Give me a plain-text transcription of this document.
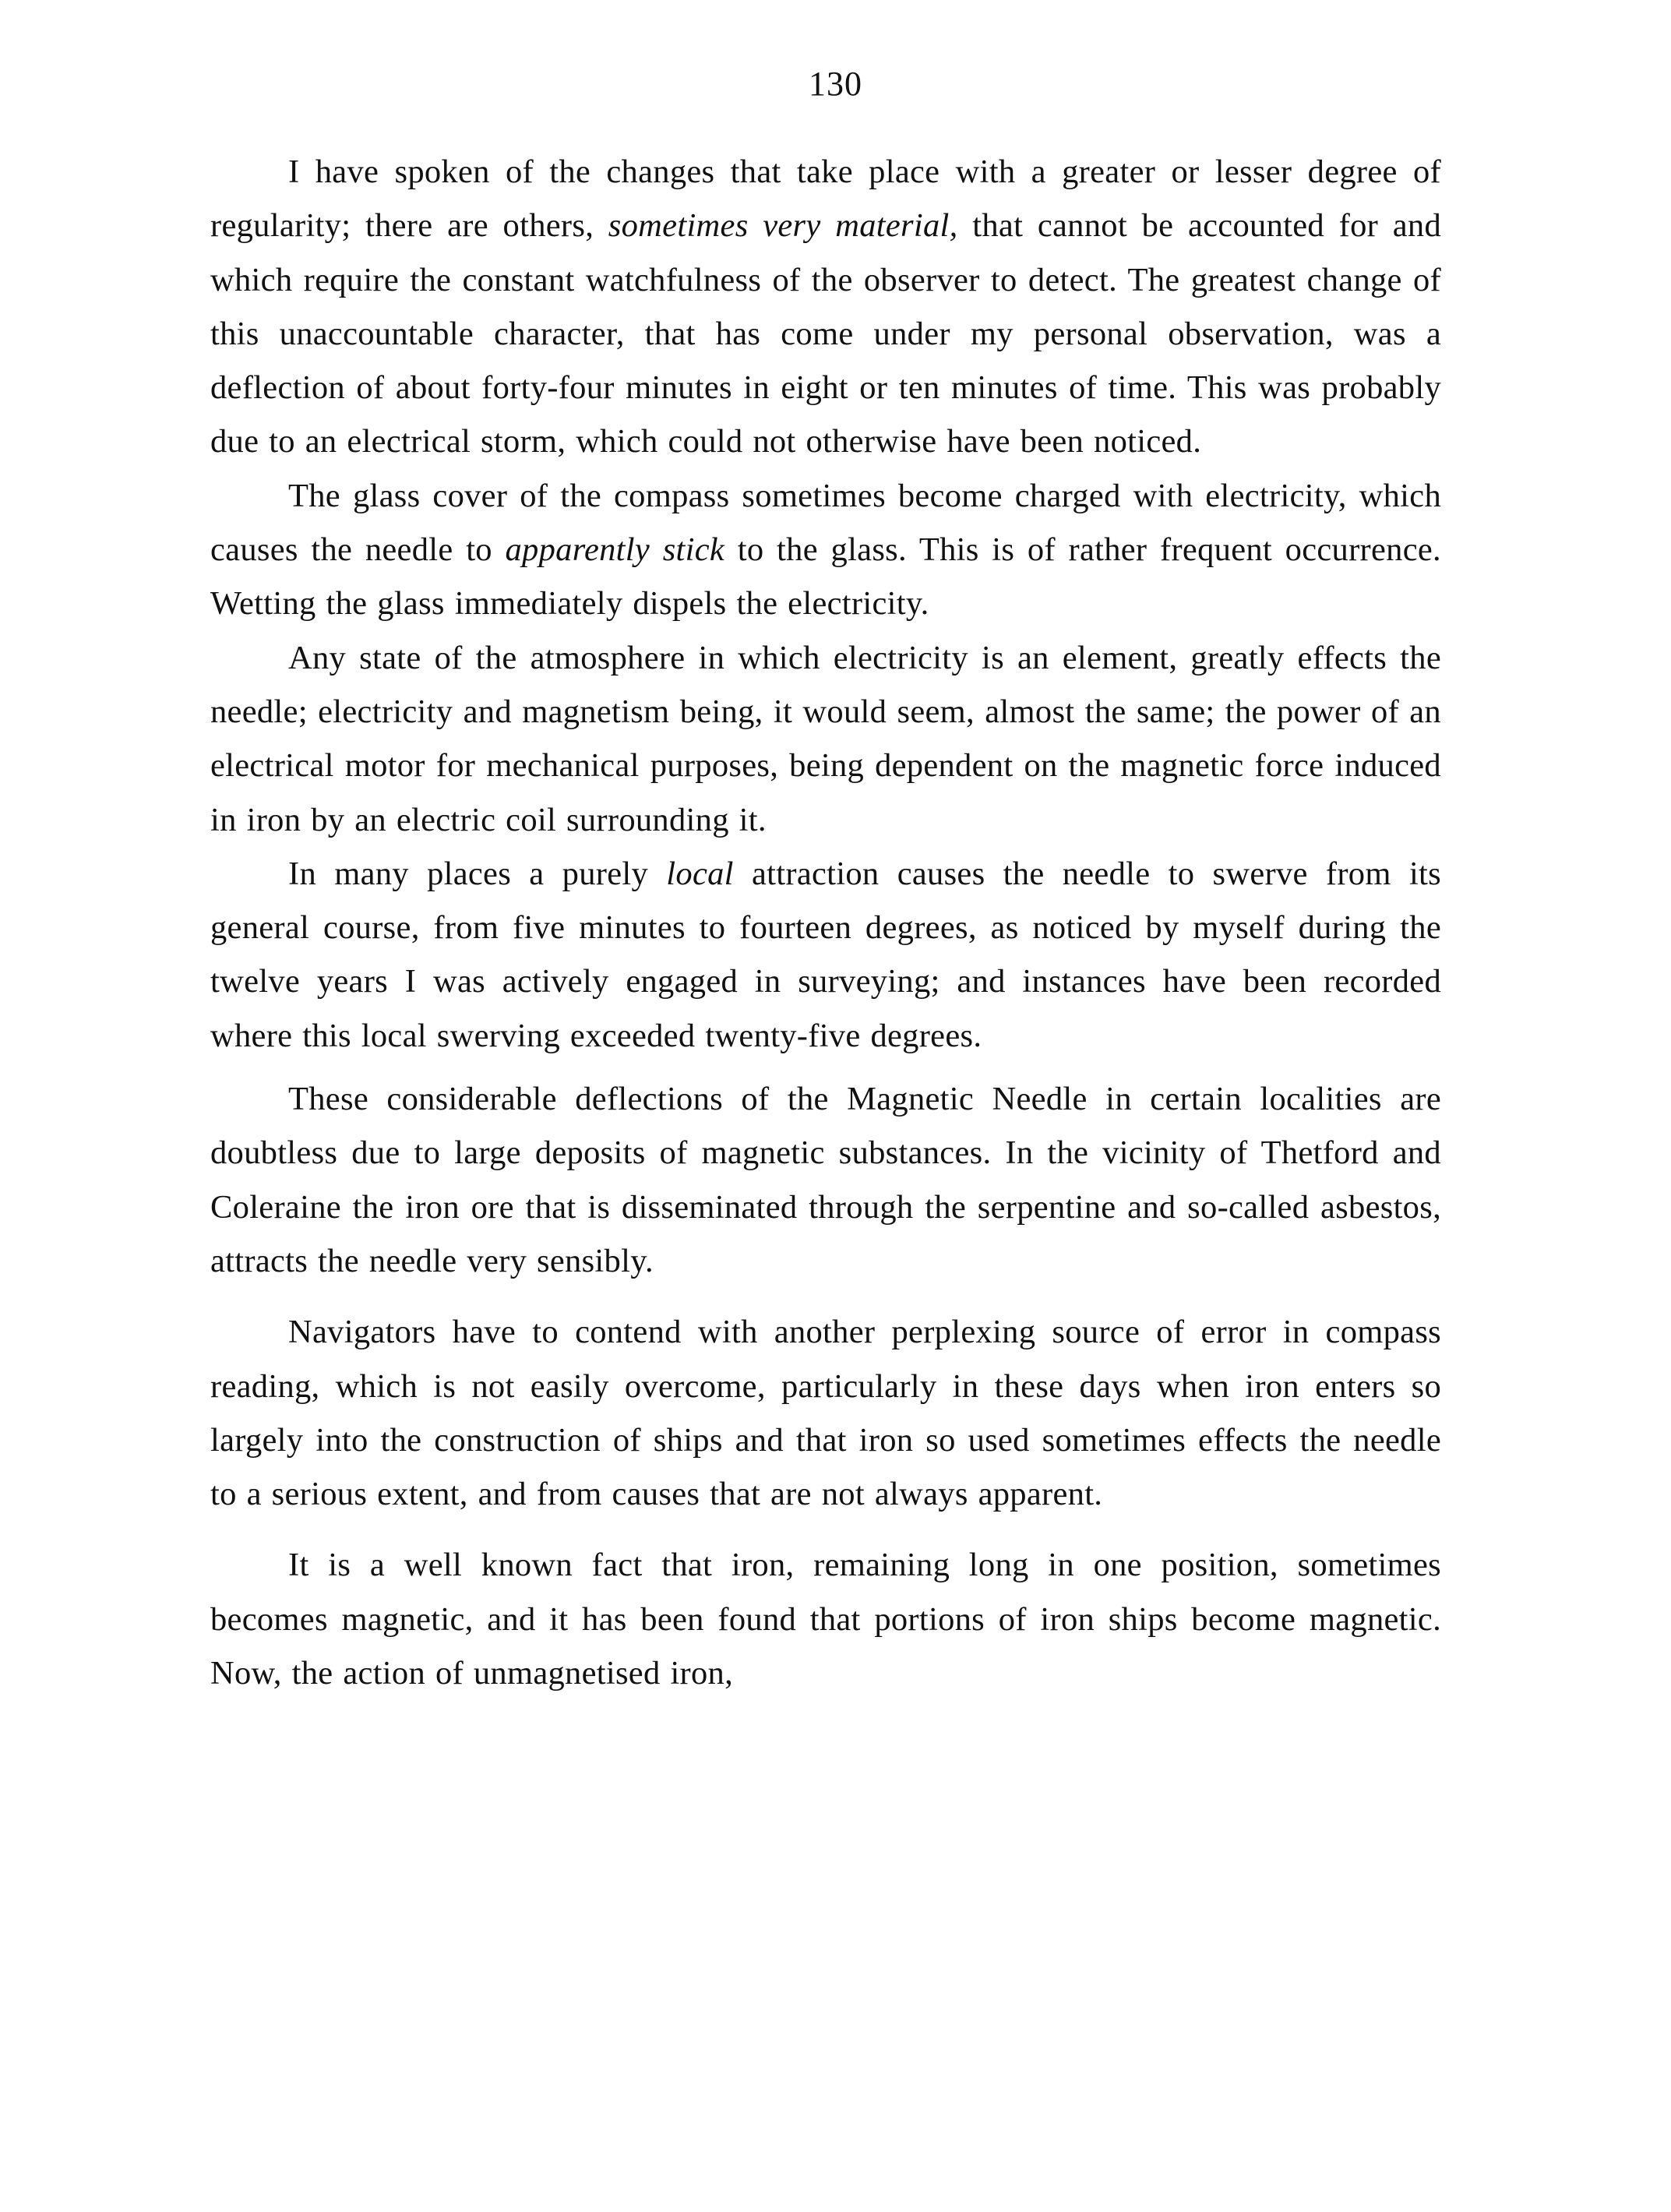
130

I have spoken of the changes that take place with a greater or lesser degree of regularity; there are others, sometimes very material, that cannot be accounted for and which require the constant watchfulness of the observer to detect. The greatest change of this unaccountable character, that has come under my personal observation, was a deflection of about forty-four minutes in eight or ten minutes of time. This was probably due to an electrical storm, which could not otherwise have been noticed.

The glass cover of the compass sometimes become charged with electricity, which causes the needle to apparently stick to the glass. This is of rather frequent occurrence. Wetting the glass immediately dispels the electricity.

Any state of the atmosphere in which electricity is an element, greatly effects the needle; electricity and magnetism being, it would seem, almost the same; the power of an electrical motor for mechanical purposes, being dependent on the magnetic force induced in iron by an electric coil surrounding it.

In many places a purely local attraction causes the needle to swerve from its general course, from five minutes to fourteen degrees, as noticed by myself during the twelve years I was actively engaged in surveying; and instances have been recorded where this local swerving exceeded twenty-five degrees.

These considerable deflections of the Magnetic Needle in certain localities are doubtless due to large deposits of magnetic substances. In the vicinity of Thetford and Coleraine the iron ore that is disseminated through the serpentine and so-called asbestos, attracts the needle very sensibly.

Navigators have to contend with another perplexing source of error in compass reading, which is not easily overcome, particularly in these days when iron enters so largely into the construction of ships and that iron so used sometimes effects the needle to a serious extent, and from causes that are not always apparent.

It is a well known fact that iron, remaining long in one position, sometimes becomes magnetic, and it has been found that portions of iron ships become magnetic. Now, the action of unmagnetised iron,
